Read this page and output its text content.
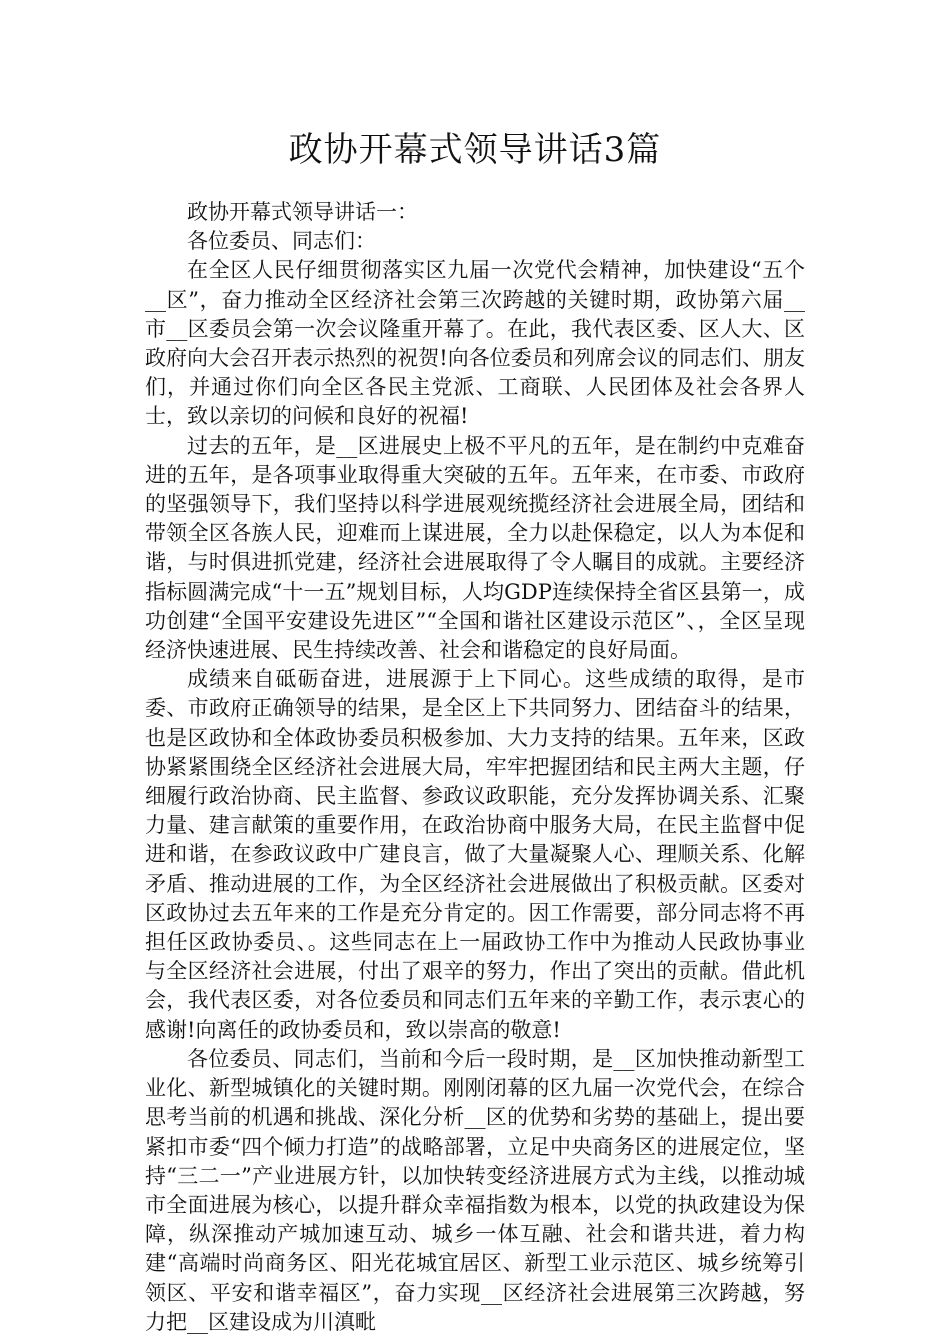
政协开幕式领导讲话3篇

政协开幕式领导讲话一：

各位委员、同志们：

在全区人民仔细贯彻落实区九届一次党代会精神，加快建设“五个__区”，奋力推动全区经济社会第三次跨越的关键时期，政协第六届__市__区委员会第一次会议隆重开幕了。在此，我代表区委、区人大、区政府向大会召开表示热烈的祝贺!向各位委员和列席会议的同志们、朋友们，并通过你们向全区各民主党派、工商联、人民团体及社会各界人士，致以亲切的问候和良好的祝福!

过去的五年，是__区进展史上极不平凡的五年，是在制约中克难奋进的五年，是各项事业取得重大突破的五年。五年来，在市委、市政府的坚强领导下，我们坚持以科学进展观统揽经济社会进展全局，团结和带领全区各族人民，迎难而上谋进展，全力以赴保稳定，以人为本促和谐，与时俱进抓党建，经济社会进展取得了令人瞩目的成就。主要经济指标圆满完成“十一五”规划目标，人均GDP连续保持全省区县第一，成功创建“全国平安建设先进区”“全国和谐社区建设示范区”、，全区呈现经济快速进展、民生持续改善、社会和谐稳定的良好局面。

成绩来自砥砺奋进，进展源于上下同心。这些成绩的取得，是市委、市政府正确领导的结果，是全区上下共同努力、团结奋斗的结果，也是区政协和全体政协委员积极参加、大力支持的结果。五年来，区政协紧紧围绕全区经济社会进展大局，牢牢把握团结和民主两大主题，仔细履行政治协商、民主监督、参政议政职能，充分发挥协调关系、汇聚力量、建言献策的重要作用，在政治协商中服务大局，在民主监督中促进和谐，在参政议政中广建良言，做了大量凝聚人心、理顺关系、化解矛盾、推动进展的工作，为全区经济社会进展做出了积极贡献。区委对区政协过去五年来的工作是充分肯定的。因工作需要，部分同志将不再担任区政协委员、。这些同志在上一届政协工作中为推动人民政协事业与全区经济社会进展，付出了艰辛的努力，作出了突出的贡献。借此机会，我代表区委，对各位委员和同志们五年来的辛勤工作，表示衷心的感谢!向离任的政协委员和，致以崇高的敬意!

各位委员、同志们，当前和今后一段时期，是__区加快推动新型工业化、新型城镇化的关键时期。刚刚闭幕的区九届一次党代会，在综合思考当前的机遇和挑战、深化分析__区的优势和劣势的基础上，提出要紧扣市委“四个倾力打造”的战略部署，立足中央商务区的进展定位，坚持“三二一”产业进展方针，以加快转变经济进展方式为主线，以推动城市全面进展为核心，以提升群众幸福指数为根本，以党的执政建设为保障，纵深推动产城加速互动、城乡一体互融、社会和谐共进，着力构建“高端时尚商务区、阳光花城宜居区、新型工业示范区、城乡统筹引领区、平安和谐幸福区”，奋力实现__区经济社会进展第三次跨越，努力把__区建设成为川滇毗
